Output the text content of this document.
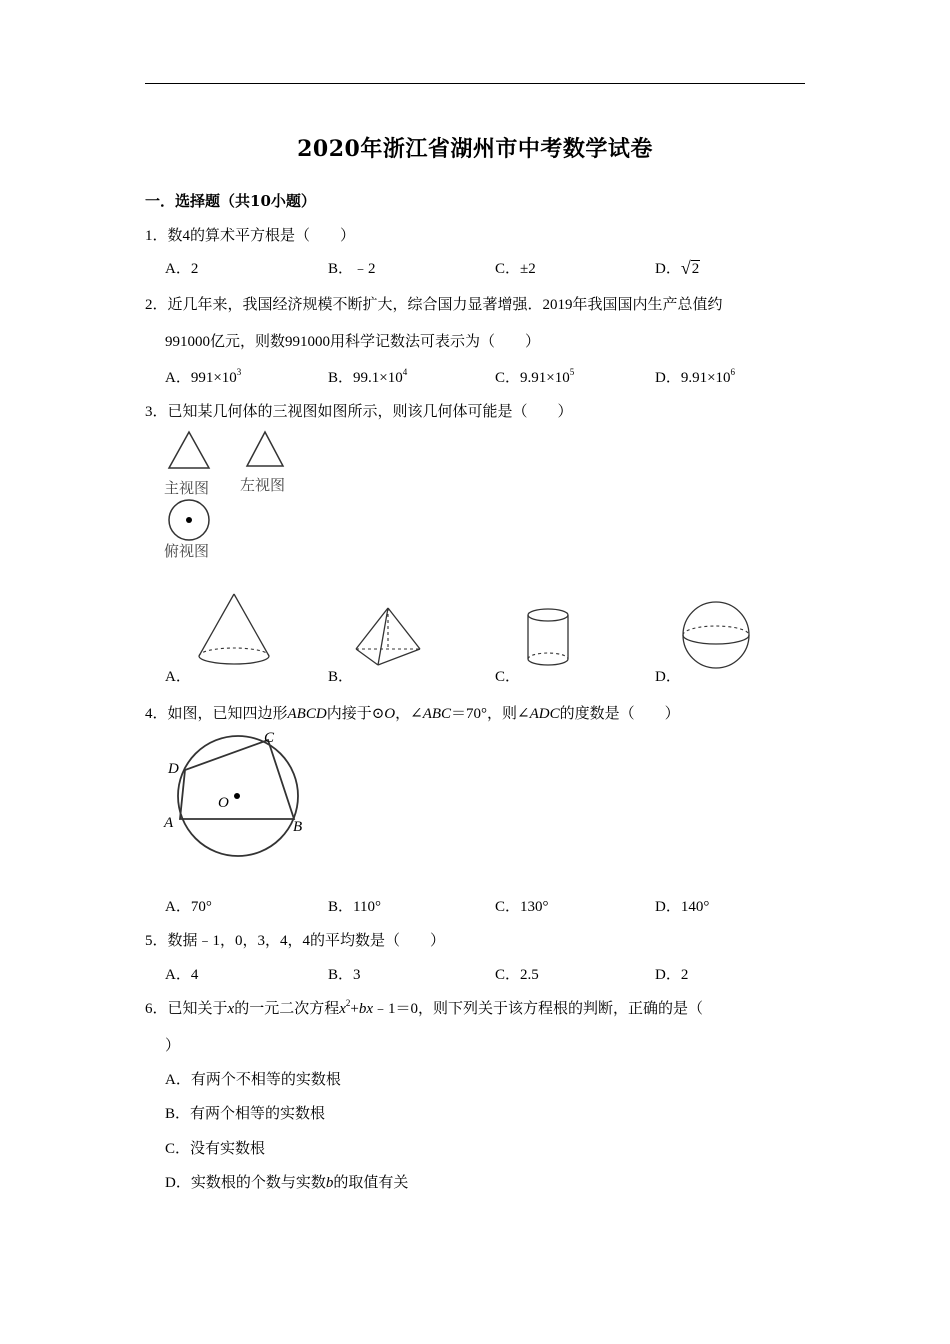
2020年浙江省湖州市中考数学试卷
一．选择题（共10小题）
1．数4的算术平方根是（　　）
A．2	B．﹣2	C．±2	D．√2
2．近几年来，我国经济规模不断扩大，综合国力显著增强．2019年我国国内生产总值约
991000亿元，则数991000用科学记数法可表示为（　　）
A．$991\times 10^3$	B．$99.1\times 10^4$	C．$9.91\times 10^5$	D．$9.91\times 10^6$
3．已知某几何体的三视图如图所示，则该几何体可能是（　　）
主视图 左视图
俯视图
A．	B．	C．	D．
4．如图，已知四边形ABCD内接于⊙O，∠ABC＝70°，则∠ADC的度数是（　　）
A	B
C
D
O
A．70°	B．110°	C．130°	D．140°
5．数据﹣1，0，3，4，4的平均数是（　　）
A．4	B．3	C．2.5	D．2
6．已知关于x的一元二次方程$x^2+bx﹣1=0$，则下列关于该方程根的判断，正确的是（
）
A．有两个不相等的实数根
B．有两个相等的实数根
C．没有实数根
D．实数根的个数与实数b的取值有关
